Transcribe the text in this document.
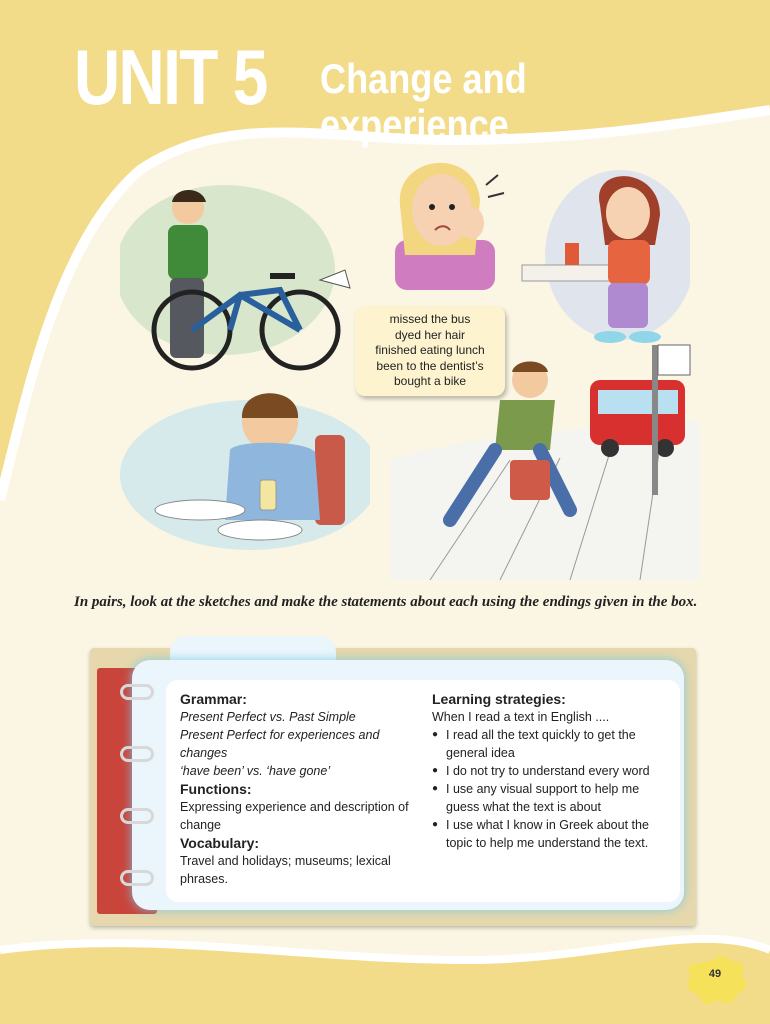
UNIT 5 Change and experience
missed the bus
dyed her hair
finished eating lunch
been to the dentist’s
bought a bike

In pairs, look at the sketches and make the statements about each using the endings given in the box.

Grammar:
Present Perfect vs. Past Simple
Present Perfect for experiences and changes
‘have been’ vs. ‘have gone’
Functions:
Expressing experience and description of change
Vocabulary:
Travel and holidays; museums; lexical phrases.
Learning strategies:
When I read a text in English ....
● I read all the text quickly to get the general idea
● I do not try to understand every word
● I use any visual support to help me guess what the text is about
● I use what I know in Greek about the topic to help me understand the text.
49
